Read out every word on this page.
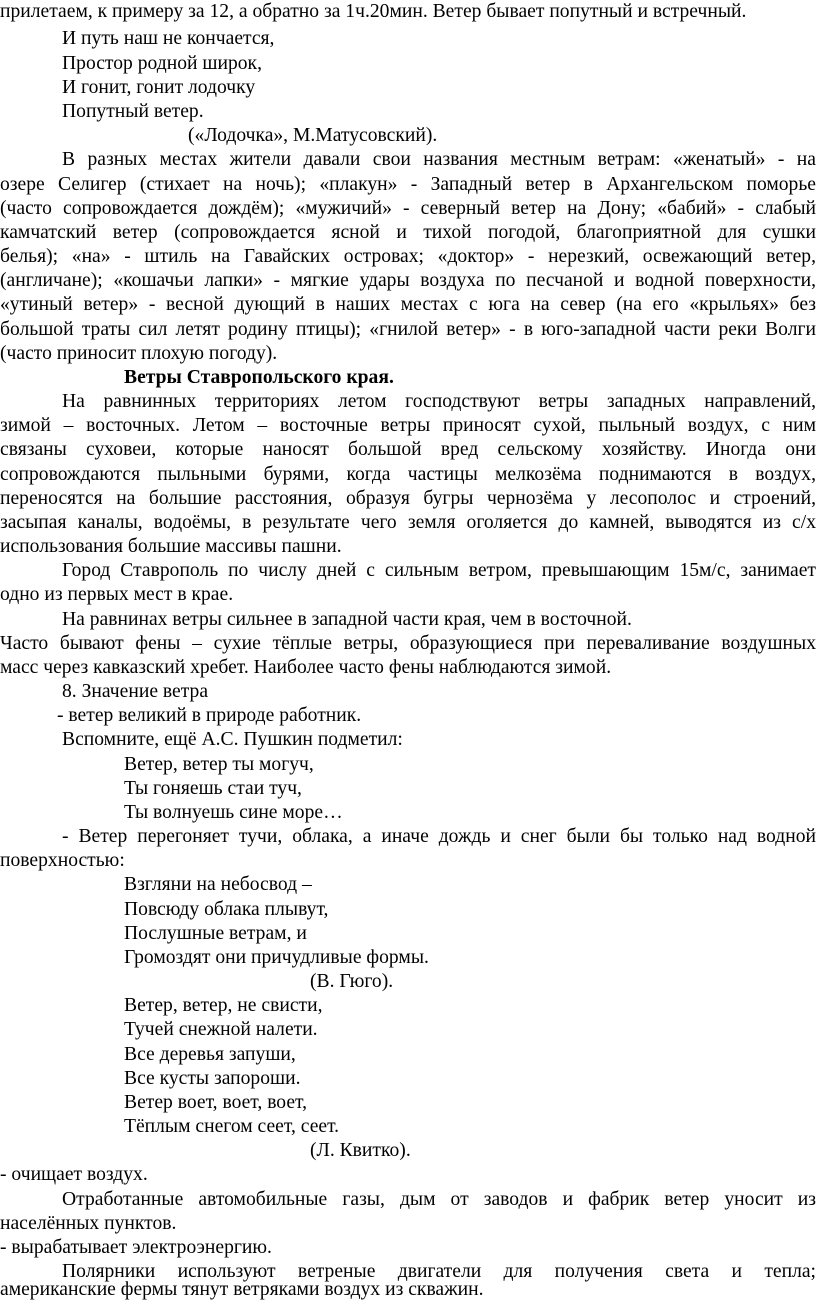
прилетаем, к примеру за 12, а обратно за 1ч.20мин. Ветер бывает попутный и встречный.

И путь наш не кончается,

Простор родной широк,

И гонит, гонит лодочку

Попутный ветер.

(«Лодочка», М.Матусовский).

В разных местах жители давали свои названия местным ветрам: «женатый» - на

озере Селигер (стихает на ночь); «плакун» - Западный ветер в Архангельском поморье

(часто сопровождается дождём); «мужичий» - северный ветер на Дону; «бабий» - слабый

камчатский ветер (сопровождается ясной и тихой погодой, благоприятной для сушки

белья); «на» - штиль на Гавайских островах; «доктор» - нерезкий, освежающий ветер,

(англичане); «кошачьи лапки» - мягкие удары воздуха по песчаной и водной поверхности,

«утиный ветер» - весной дующий в наших местах с юга на север (на его «крыльях» без

большой траты сил летят родину птицы); «гнилой ветер» - в юго-западной части реки Волги

(часто приносит плохую погоду).

Ветры Ставропольского края.

На равнинных территориях летом господствуют ветры западных направлений,

зимой – восточных. Летом – восточные ветры приносят сухой, пыльный воздух, с ним

связаны суховеи, которые наносят большой вред сельскому хозяйству. Иногда они

сопровождаются пыльными бурями, когда частицы мелкозёма поднимаются в воздух,

переносятся на большие расстояния, образуя бугры чернозёма у лесополос и строений,

засыпая каналы, водоёмы, в результате чего земля оголяется до камней, выводятся из с/х

использования большие массивы пашни.

Город Ставрополь по числу дней с сильным ветром, превышающим 15м/с, занимает

одно из первых мест в крае.

На равнинах ветры сильнее в западной части края, чем в восточной.

Часто бывают фены – сухие тёплые ветры, образующиеся при переваливание воздушных

масс через кавказский хребет. Наиболее часто фены наблюдаются зимой.

8. Значение ветра

- ветер великий в природе работник.

Вспомните, ещё А.С. Пушкин подметил:

Ветер, ветер ты могуч,

Ты гоняешь стаи туч,

Ты волнуешь сине море…

- Ветер перегоняет тучи, облака, а иначе дождь и снег были бы только над водной

поверхностью:

Взгляни на небосвод –

Повсюду облака плывут,

Послушные ветрам, и

Громоздят они причудливые формы.

(В. Гюго).

Ветер, ветер, не свисти,

Тучей снежной налети.

Все деревья запуши,

Все кусты запороши.

Ветер воет, воет, воет,

Тёплым снегом сеет, сеет.

(Л. Квитко).

- очищает воздух.

Отработанные автомобильные газы, дым от заводов и фабрик ветер уносит из

населённых пунктов.

- вырабатывает электроэнергию.

Полярники используют ветреные двигатели для получения света и тепла;

американские фермы тянут ветряками воздух из скважин.
